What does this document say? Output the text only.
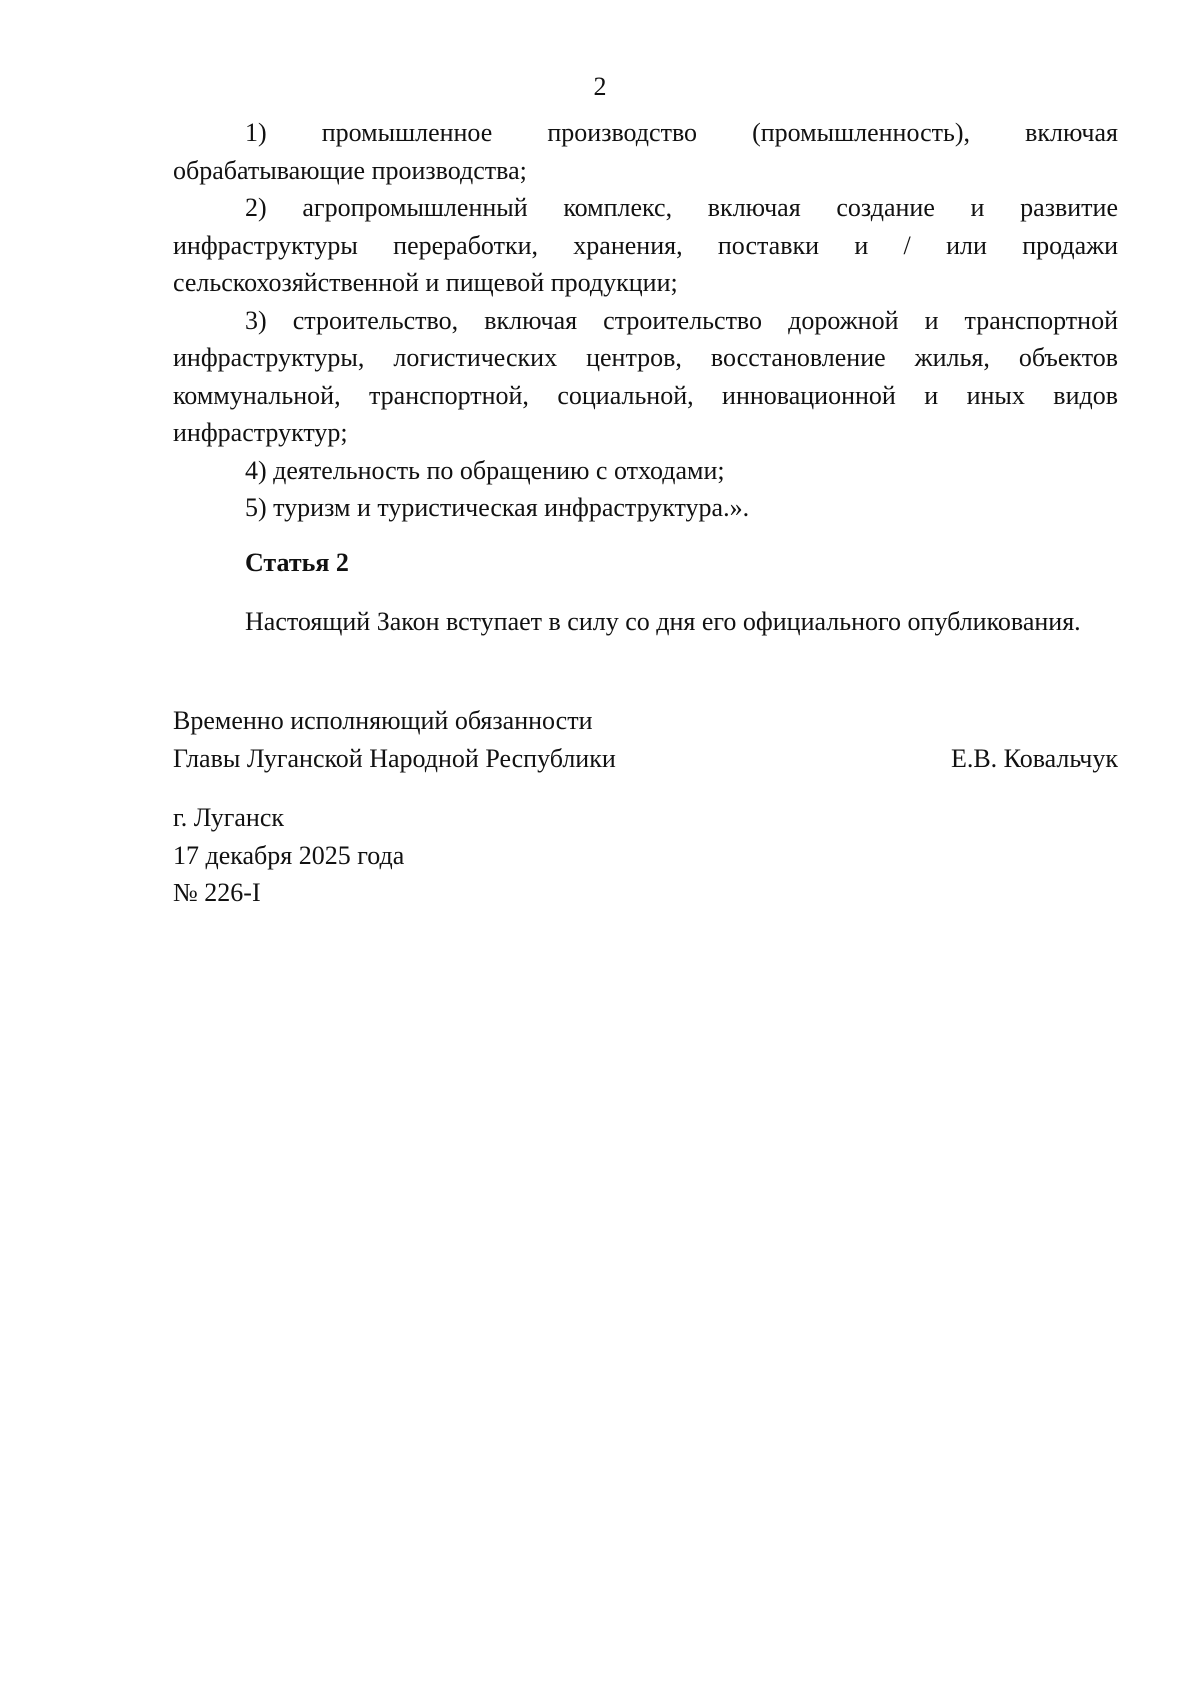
2

1) промышленное производство (промышленность), включая обрабатывающие производства;

2) агропромышленный комплекс, включая создание и развитие инфраструктуры переработки, хранения, поставки и / или продажи сельскохозяйственной и пищевой продукции;

3) строительство, включая строительство дорожной и транспортной инфраструктуры, логистических центров, восстановление жилья, объектов коммунальной, транспортной, социальной, инновационной и иных видов инфраструктур;

4) деятельность по обращению с отходами;

5) туризм и туристическая инфраструктура.».

Статья 2

Настоящий Закон вступает в силу со дня его официального опубликования.

Временно исполняющий обязанности
Главы Луганской Народной Республики	Е.В. Ковальчук
г. Луганск
17 декабря 2025 года
№ 226-I
